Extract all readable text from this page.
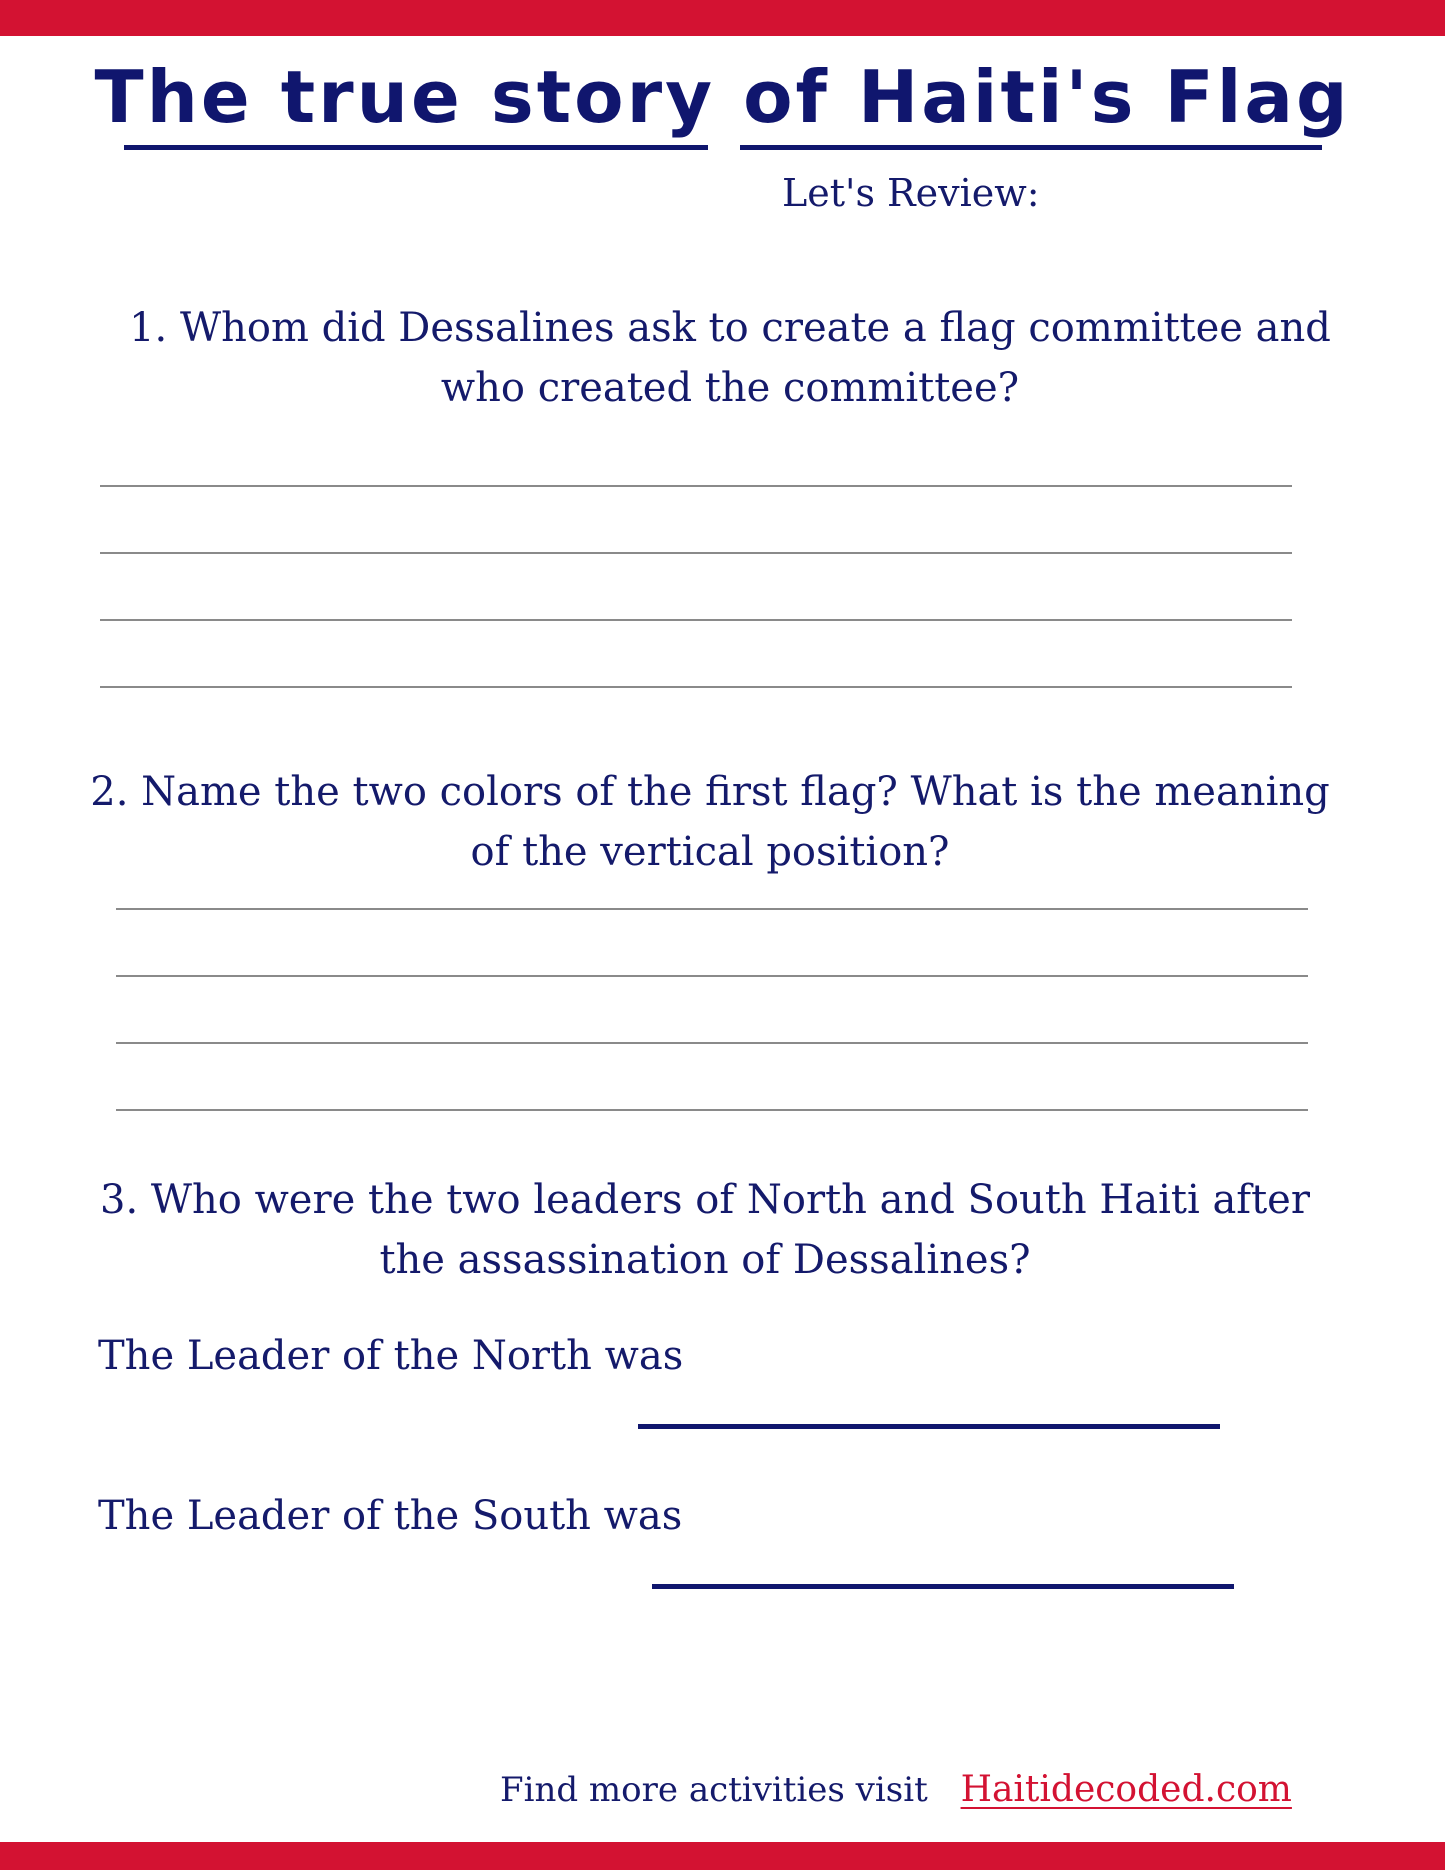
The true story of Haiti's Flag
Let's Review:

1. Whom did Dessalines ask to create a flag committee and who created the committee?

2. Name the two colors of the first flag? What is the meaning of the vertical position?

3. Who were the two leaders of North and South Haiti after the assassination of Dessalines?

The Leader of the North was
The Leader of the South was
Find more activities visit Haitidecoded.com
